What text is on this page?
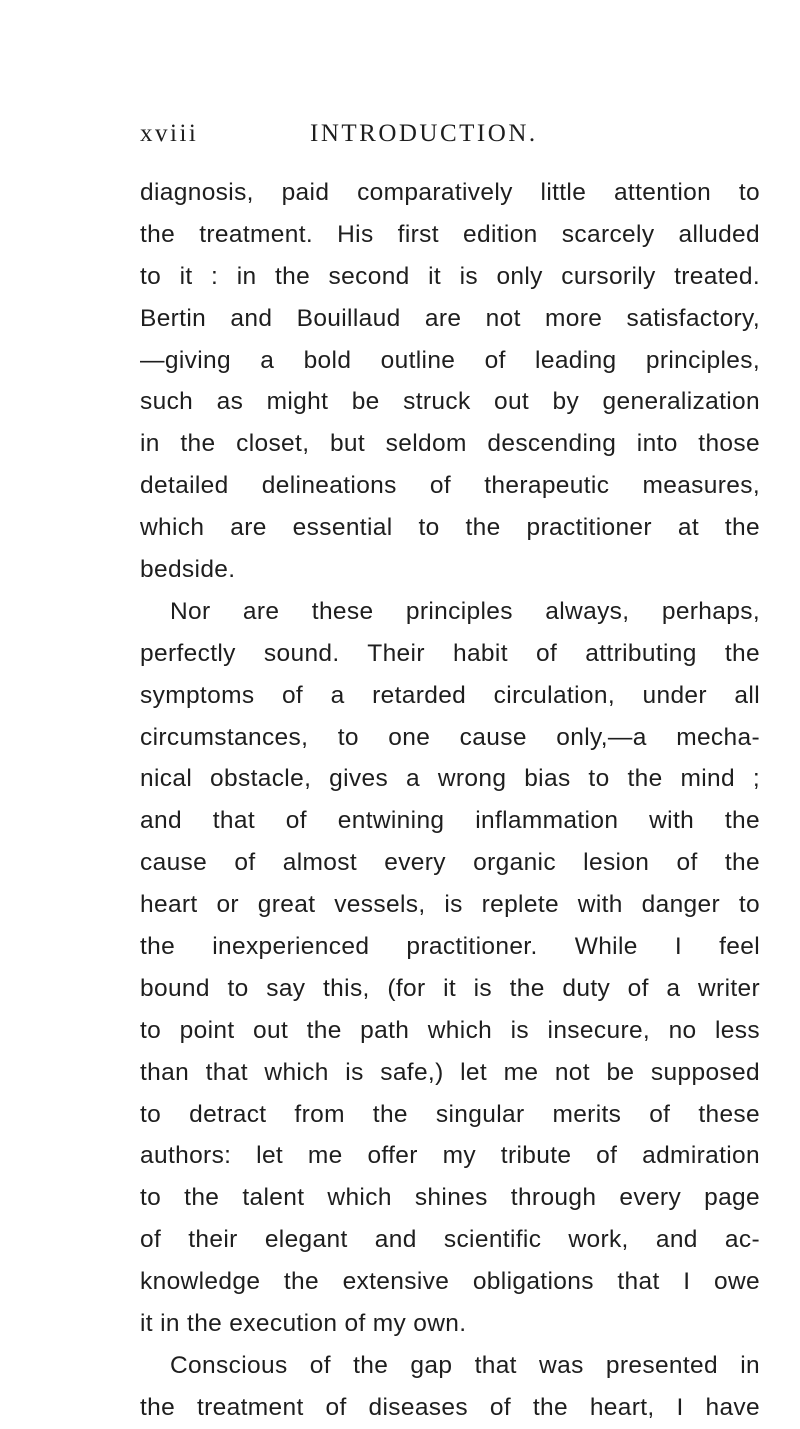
xviii	INTRODUCTION.
diagnosis, paid comparatively little attention to
the treatment. His first edition scarcely alluded
to it : in the second it is only cursorily treated.
Bertin and Bouillaud are not more satisfactory,
—giving a bold outline of leading principles,
such as might be struck out by generalization
in the closet, but seldom descending into those
detailed delineations of therapeutic measures,
which are essential to the practitioner at the
bedside.
Nor are these principles always, perhaps,
perfectly sound. Their habit of attributing the
symptoms of a retarded circulation, under all
circumstances, to one cause only,—a mecha-
nical obstacle, gives a wrong bias to the mind ;
and that of entwining inflammation with the
cause of almost every organic lesion of the
heart or great vessels, is replete with danger to
the inexperienced practitioner. While I feel
bound to say this, (for it is the duty of a writer
to point out the path which is insecure, no less
than that which is safe,) let me not be supposed
to detract from the singular merits of these
authors: let me offer my tribute of admiration
to the talent which shines through every page
of their elegant and scientific work, and ac-
knowledge the extensive obligations that I owe
it in the execution of my own.
Conscious of the gap that was presented in
the treatment of diseases of the heart, I have
